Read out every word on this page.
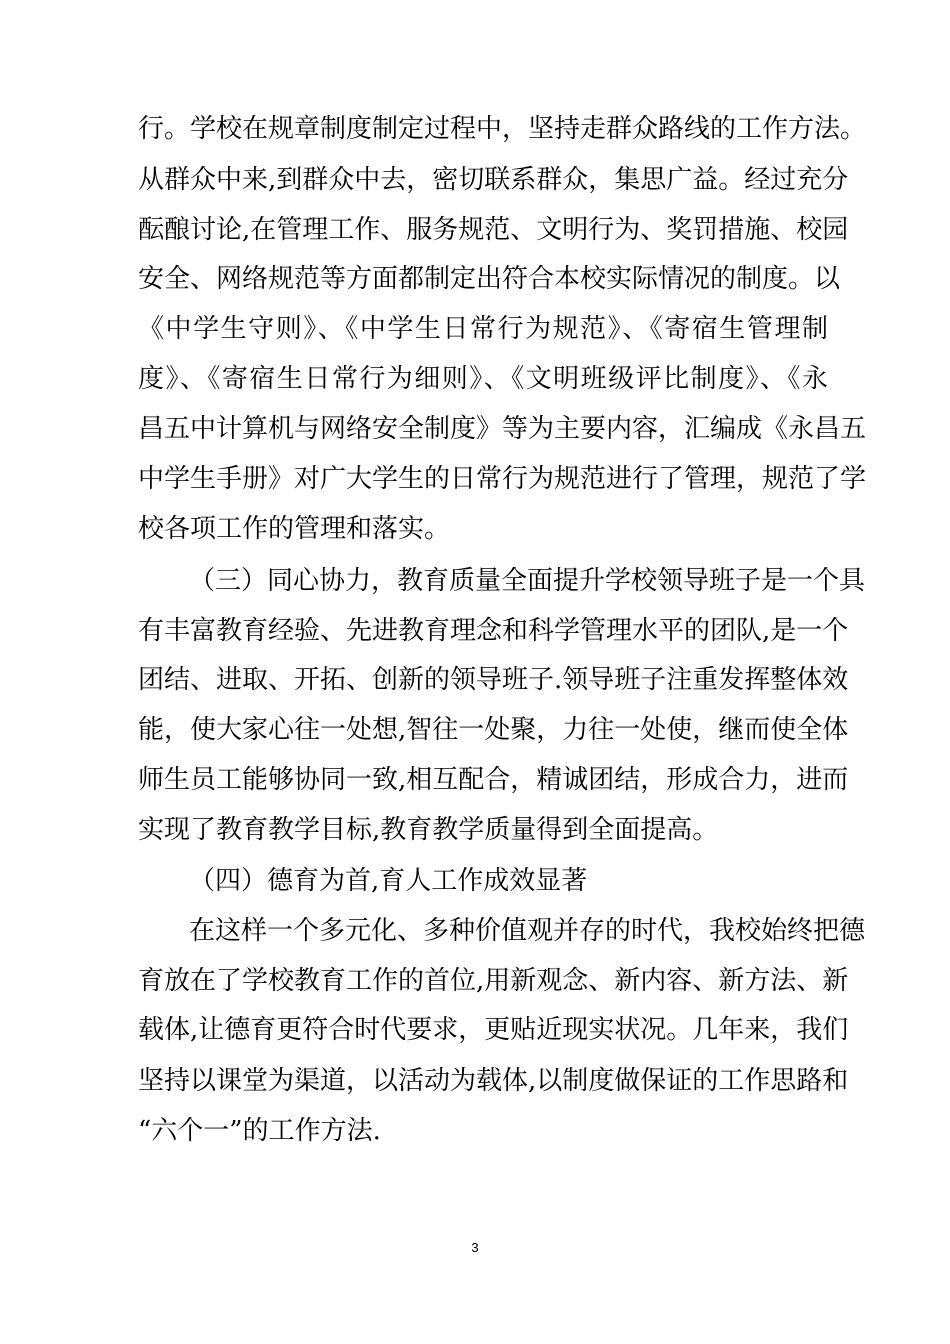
行。学校在规章制度制定过程中，坚持走群众路线的工作方法。
从群众中来,到群众中去，密切联系群众，集思广益。经过充分
酝酿讨论,在管理工作、服务规范、文明行为、奖罚措施、校园
安全、网络规范等方面都制定出符合本校实际情况的制度。以
《中学生守则》、《中学生日常行为规范》、《寄宿生管理制
度》、《寄宿生日常行为细则》、《文明班级评比制度》、《永
昌五中计算机与网络安全制度》等为主要内容，汇编成《永昌五
中学生手册》对广大学生的日常行为规范进行了管理，规范了学
校各项工作的管理和落实。
（三）同心协力，教育质量全面提升学校领导班子是一个具
有丰富教育经验、先进教育理念和科学管理水平的团队,是一个
团结、进取、开拓、创新的领导班子.领导班子注重发挥整体效
能，使大家心往一处想,智往一处聚，力往一处使，继而使全体
师生员工能够协同一致,相互配合，精诚团结，形成合力，进而
实现了教育教学目标,教育教学质量得到全面提高。
（四）德育为首,育人工作成效显著
在这样一个多元化、多种价值观并存的时代，我校始终把德
育放在了学校教育工作的首位,用新观念、新内容、新方法、新
载体,让德育更符合时代要求，更贴近现实状况。几年来，我们
坚持以课堂为渠道，以活动为载体,以制度做保证的工作思路和
“六个一”的工作方法.
3
